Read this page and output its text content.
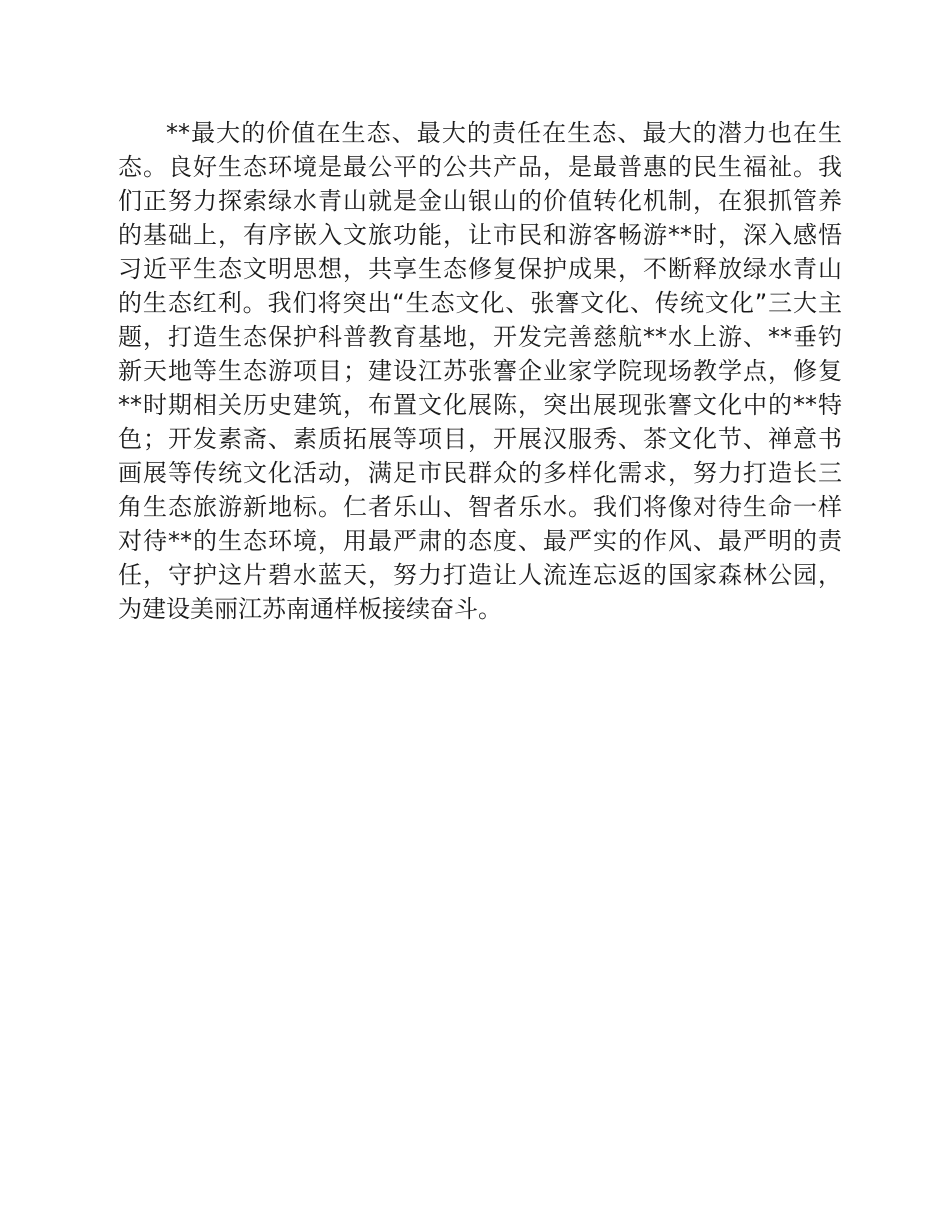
**最大的价值在生态、最大的责任在生态、最大的潜力也在生
态。良好生态环境是最公平的公共产品，是最普惠的民生福祉。我
们正努力探索绿水青山就是金山银山的价值转化机制，在狠抓管养
的基础上，有序嵌入文旅功能，让市民和游客畅游**时，深入感悟
习近平生态文明思想，共享生态修复保护成果，不断释放绿水青山
的生态红利。我们将突出“生态文化、张謇文化、传统文化”三大主
题，打造生态保护科普教育基地，开发完善慈航**水上游、**垂钓
新天地等生态游项目；建设江苏张謇企业家学院现场教学点，修复
**时期相关历史建筑，布置文化展陈，突出展现张謇文化中的**特
色；开发素斋、素质拓展等项目，开展汉服秀、茶文化节、禅意书
画展等传统文化活动，满足市民群众的多样化需求，努力打造长三
角生态旅游新地标。仁者乐山、智者乐水。我们将像对待生命一样
对待**的生态环境，用最严肃的态度、最严实的作风、最严明的责
任，守护这片碧水蓝天，努力打造让人流连忘返的国家森林公园，
为建设美丽江苏南通样板接续奋斗。
